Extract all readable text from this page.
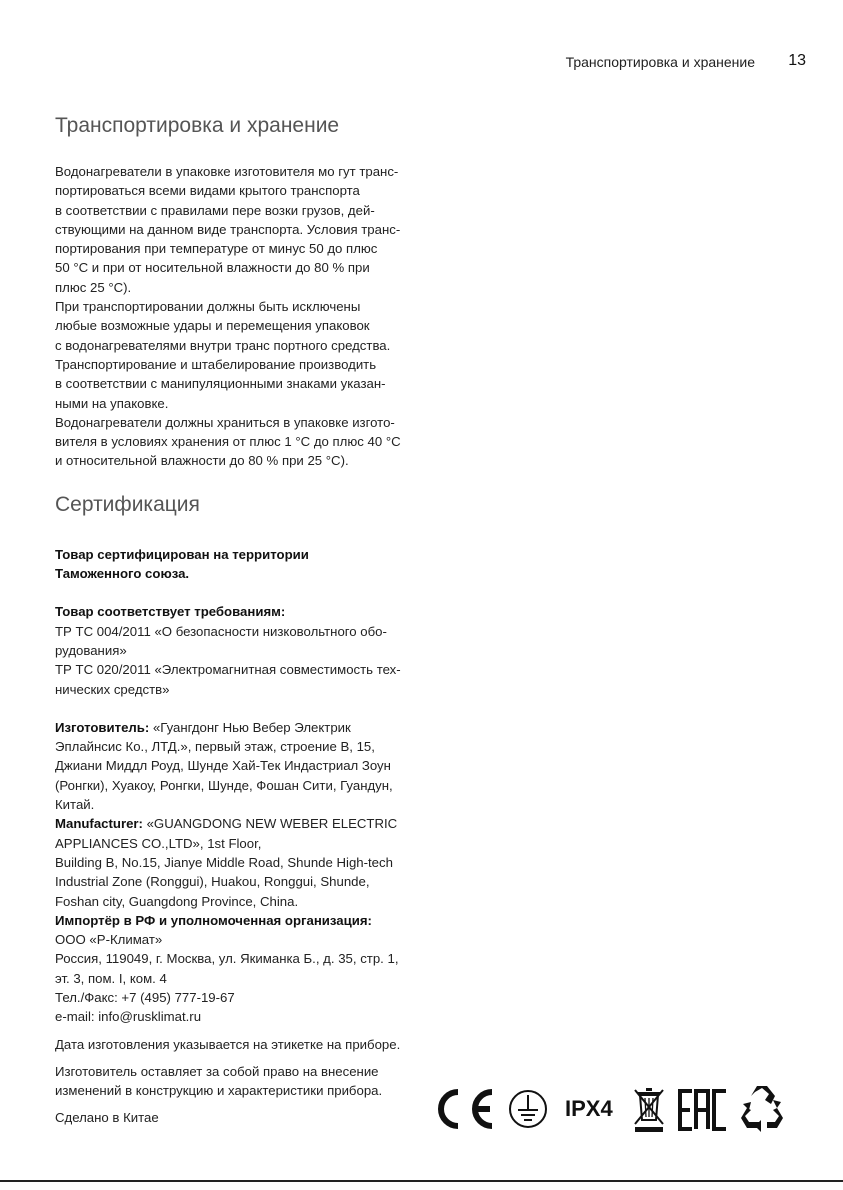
Транспортировка и хранение 13
Транспортировка и хранение
Водонагреватели в упаковке изготовителя мо гут транс-
портироваться всеми видами крытого транспорта
в соответствии с правилами пере возки грузов, дей-
ствующими на данном виде транспорта. Условия транс-
портирования при температуре от минус 50 до плюс
50 °С и при от носительной влажности до 80 % при
плюс 25 °С).
При транспортировании должны быть исключены
любые возможные удары и перемещения упаковок
с водонагревателями внутри транс портного средства.
Транспортирование и штабелирование производить
в соответствии с манипуляционными знаками указан-
ными на упаковке.
Водонагреватели должны храниться в упаковке изгото-
вителя в условиях хранения от плюс 1 °С до плюс 40 °С
и относительной влажности до 80 % при 25 °С).
Сертификация
Товар сертифицирован на территории
Таможенного союза.
Товар соответствует требованиям:
ТР ТС 004/2011 «О безопасности низковольтного обо-
рудования»
ТР ТС 020/2011 «Электромагнитная совместимость тех-
нических средств»
Изготовитель: «Гуангдонг Нью Вебер Электрик
Эплайнсис Ко., ЛТД.», первый этаж, строение В, 15,
Джиани Миддл Роуд, Шунде Хай-Тек Индастриал Зоун
(Ронгки), Хуакоу, Ронгки, Шунде, Фошан Сити, Гуандун,
Китай.
Manufacturer: «GUANGDONG NEW WEBER ELECTRIC
APPLIANCES CO.,LTD», 1st Floor,
Building B, No.15, Jianye Middle Road, Shunde High-tech
Industrial Zone (Ronggui), Huakou, Ronggui, Shunde,
Foshan city, Guangdong Province, China.
Импортёр в РФ и уполномоченная организация:
ООО «Р-Климат»
Россия, 119049, г. Москва, ул. Якиманка Б., д. 35, стр. 1,
эт. 3, пом. I, ком. 4
Тел./Факс: +7 (495) 777-19-67
e-mail: info@rusklimat.ru
Дата изготовления указывается на этикетке на приборе.
Изготовитель оставляет за собой право на внесение
изменений в конструкцию и характеристики прибора.
Сделано в Китае	IPX4
